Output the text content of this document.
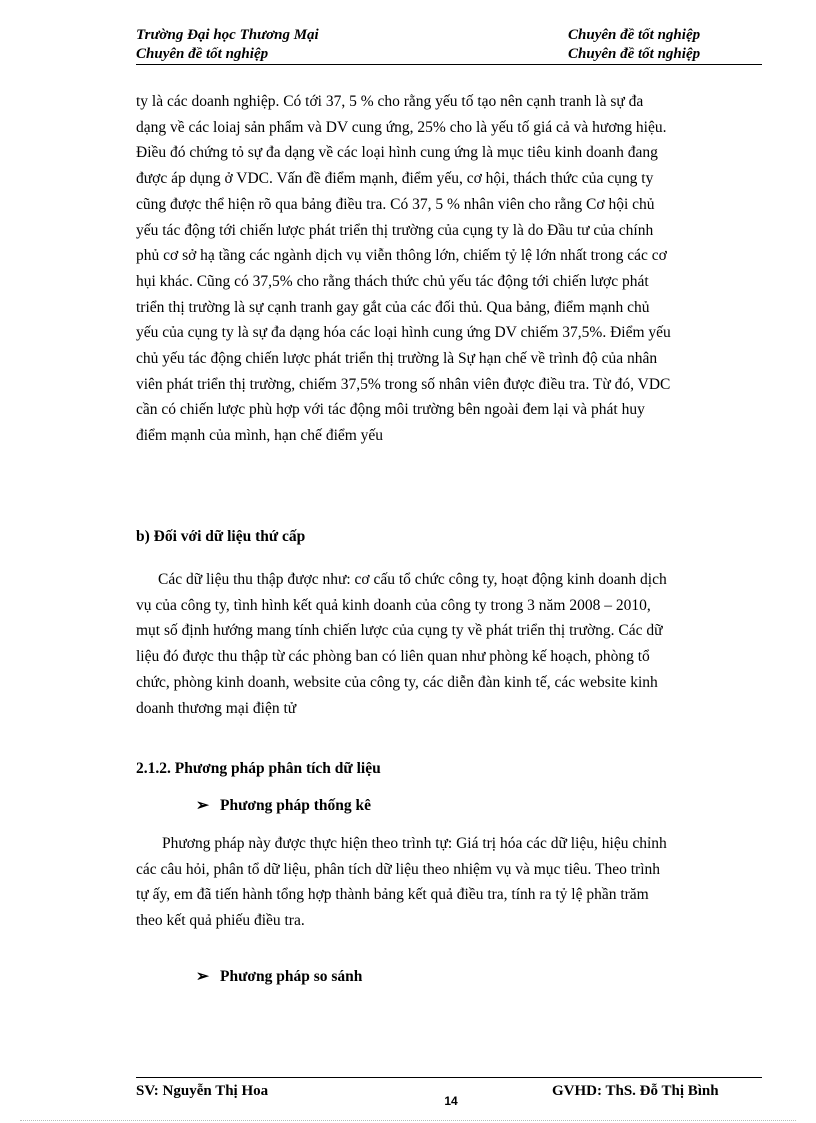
Trường Đại học Thương Mại	Chuyên đề tốt nghiệp
Chuyên đề tốt nghiệp	Chuyên đề tốt nghiệp

ty là các doanh nghiệp. Có tới 37, 5 % cho rằng yếu tố tạo nên cạnh tranh là sự đa

dạng về các loiaj sản phẩm và DV cung ứng, 25% cho là yếu tố giá cả và hương hiệu.

Điều đó chứng tỏ sự đa dạng về các loại hình cung ứng là mục tiêu kinh doanh đang

được áp dụng ở VDC. Vấn đề điểm mạnh, điểm yếu, cơ hội, thách thức của cụng ty

cũng được thể hiện rõ qua bảng điều tra. Có 37, 5 % nhân viên cho rằng Cơ hội chủ

yếu tác động tới chiến lược phát triển thị trường của cụng ty là do Đầu tư của chính

phủ cơ sở hạ tầng các ngành dịch vụ viễn thông lớn, chiếm tỷ lệ lớn nhất trong các cơ

hụi khác. Cũng có 37,5% cho rằng thách thức chủ yếu tác động tới chiến lược phát

triển thị trường là sự cạnh tranh gay gắt của các đối thủ. Qua bảng, điểm mạnh chủ

yếu của cụng ty là sự đa dạng hóa các loại hình cung ứng DV chiếm 37,5%. Điểm yếu

chủ yếu tác động chiến lược phát triển thị trường là Sự hạn chế về trình độ của nhân

viên phát triển thị trường, chiếm 37,5% trong số nhân viên được điều tra. Từ đó, VDC

cần có chiến lược phù hợp với tác động môi trường bên ngoài đem lại và phát huy

điểm mạnh của mình, hạn chế điểm yếu

b) Đối với dữ liệu thứ cấp

Các dữ liệu thu thập được như: cơ cấu tổ chức công ty, hoạt động kinh doanh dịch

vụ của công ty, tình hình kết quả kinh doanh của công ty trong 3 năm 2008 – 2010,

mụt số định hướng mang tính chiến lược của cụng ty về phát triển thị trường. Các dữ

liệu đó được thu thập từ các phòng ban có liên quan như phòng kế hoạch, phòng tổ

chức, phòng kinh doanh, website của công ty, các diễn đàn kinh tế, các website kinh

doanh thương mại điện tử

2.1.2. Phương pháp phân tích dữ liệu

➢ Phương pháp thống kê

Phương pháp này được thực hiện theo trình tự: Giá trị hóa các dữ liệu, hiệu chỉnh

các câu hỏi, phân tổ dữ liệu, phân tích dữ liệu theo nhiệm vụ và mục tiêu. Theo trình

tự ấy, em đã tiến hành tổng hợp thành bảng kết quả điều tra, tính ra tỷ lệ phần trăm

theo kết quả phiếu điều tra.

➢ Phương pháp so sánh
SV: Nguyễn Thị Hoa
14
GVHD: ThS. Đỗ Thị Bình
